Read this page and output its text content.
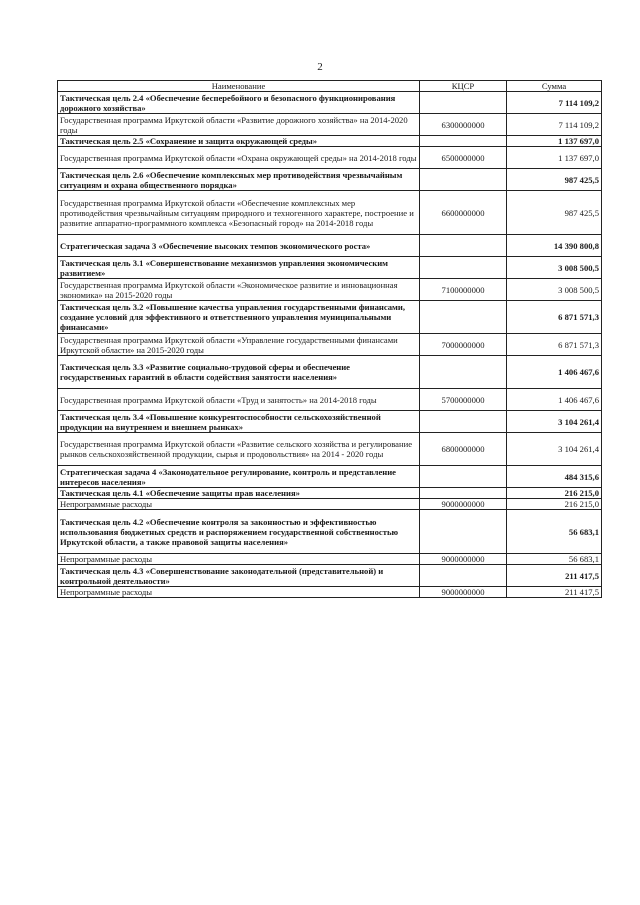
2
Наименование	КЦСР	Сумма
Тактическая цель 2.4 «Обеспечение бесперебойного и безопасного функционирования дорожного хозяйства»		7 114 109,2
Государственная программа Иркутской области «Развитие дорожного хозяйства» на 2014-2020 годы	6300000000	7 114 109,2
Тактическая цель 2.5 «Сохранение и защита окружающей среды»		1 137 697,0
Государственная программа Иркутской области «Охрана окружающей среды» на 2014-2018 годы	6500000000	1 137 697,0
Тактическая цель 2.6 «Обеспечение комплексных мер противодействия чрезвычайным ситуациям и охрана общественного порядка»		987 425,5
Государственная программа Иркутской области «Обеспечение комплексных мер противодействия чрезвычайным ситуациям природного и техногенного характере, построение и развитие аппаратно-программного комплекса «Безопасный город» на 2014-2018 годы	6600000000	987 425,5
Стратегическая задача 3 «Обеспечение высоких темпов экономического роста»		14 390 800,8
Тактическая цель 3.1 «Совершенствование механизмов управления экономическим развитием»		3 008 500,5
Государственная программа Иркутской области «Экономическое развитие и инновационная экономика» на 2015-2020 годы	7100000000	3 008 500,5
Тактическая цель 3.2 «Повышение качества управления государственными финансами, создание условий для эффективного и ответственного управления муниципальными финансами»		6 871 571,3
Государственная программа Иркутской области «Управление государственными финансами Иркутской области» на 2015-2020 годы	7000000000	6 871 571,3
Тактическая цель 3.3 «Развитие социально-трудовой сферы и обеспечение государственных гарантий в области содействия занятости населения»		1 406 467,6
Государственная программа Иркутской области «Труд и занятость» на 2014-2018 годы	5700000000	1 406 467,6
Тактическая цель 3.4 «Повышение конкурентоспособности сельскохозяйственной продукции на внутреннем и внешнем рынках»		3 104 261,4
Государственная программа Иркутской области «Развитие сельского хозяйства и регулирование рынков сельскохозяйственной продукции, сырья и продовольствия» на 2014 - 2020 годы	6800000000	3 104 261,4
Стратегическая задача 4 «Законодательное регулирование, контроль и представление интересов населения»		484 315,6
Тактическая цель 4.1 «Обеспечение защиты прав населения»		216 215,0
Непрограммные расходы	9000000000	216 215,0
Тактическая цель 4.2 «Обеспечение контроля за законностью и эффективностью использования бюджетных средств и распоряжением государственной собственностью Иркутской области, а также правовой защиты населения»		56 683,1
Непрограммные расходы	9000000000	56 683,1
Тактическая цель 4.3 «Совершенствование законодательной (представительной) и контрольной деятельности»		211 417,5
Непрограммные расходы	9000000000	211 417,5
